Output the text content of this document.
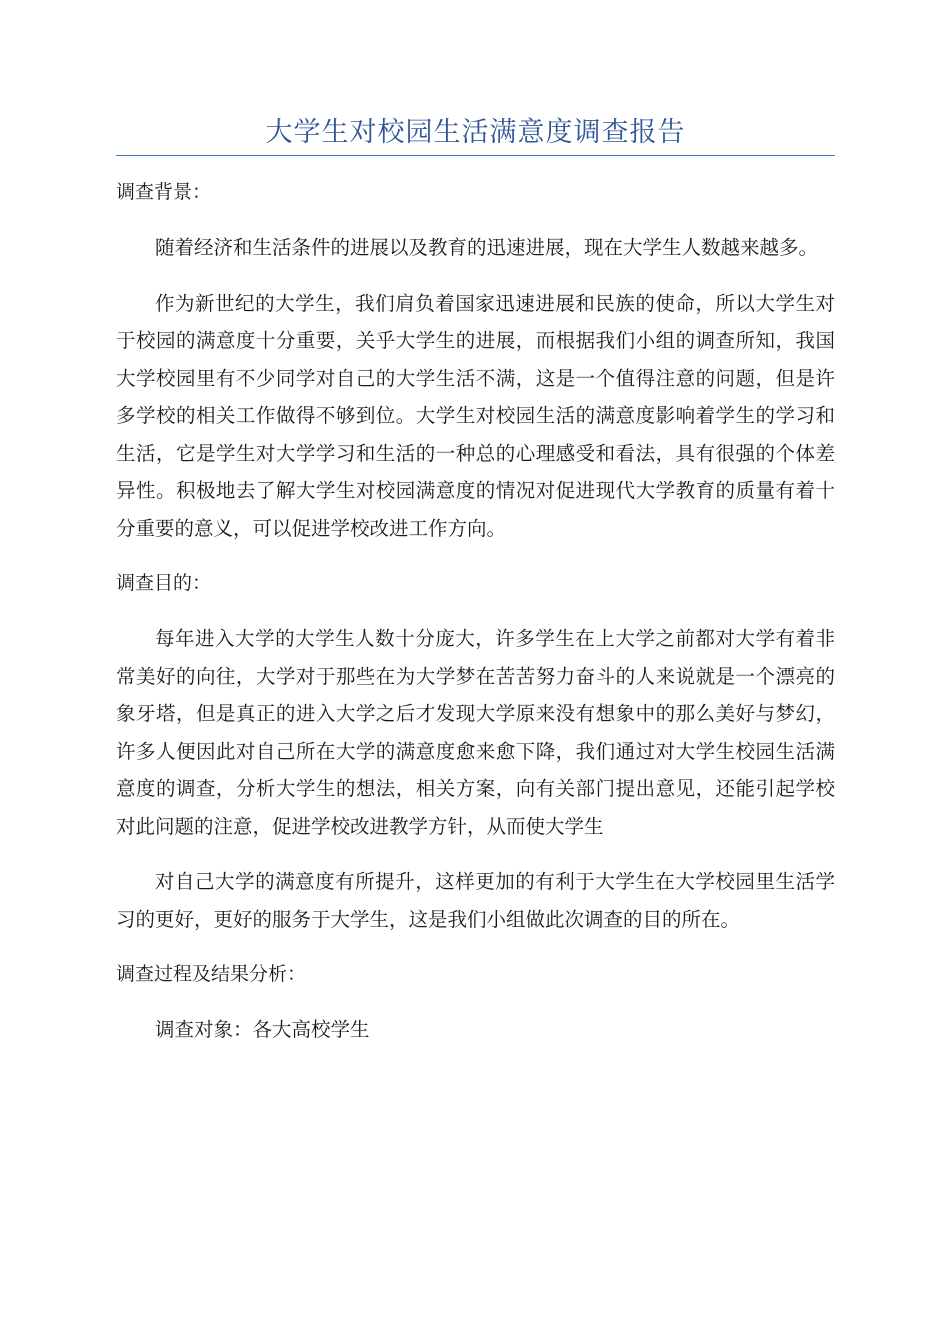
大学生对校园生活满意度调查报告
调查背景：

随着经济和生活条件的进展以及教育的迅速进展，现在大学生人数越来越多。

作为新世纪的大学生，我们肩负着国家迅速进展和民族的使命，所以大学生对于校园的满意度十分重要，关乎大学生的进展，而根据我们小组的调查所知，我国大学校园里有不少同学对自己的大学生活不满，这是一个值得注意的问题，但是许多学校的相关工作做得不够到位。大学生对校园生活的满意度影响着学生的学习和生活，它是学生对大学学习和生活的一种总的心理感受和看法，具有很强的个体差异性。积极地去了解大学生对校园满意度的情况对促进现代大学教育的质量有着十分重要的意义，可以促进学校改进工作方向。

调查目的：

每年进入大学的大学生人数十分庞大，许多学生在上大学之前都对大学有着非常美好的向往，大学对于那些在为大学梦在苦苦努力奋斗的人来说就是一个漂亮的象牙塔，但是真正的进入大学之后才发现大学原来没有想象中的那么美好与梦幻，许多人便因此对自己所在大学的满意度愈来愈下降，我们通过对大学生校园生活满意度的调查，分析大学生的想法，相关方案，向有关部门提出意见，还能引起学校对此问题的注意，促进学校改进教学方针，从而使大学生

对自己大学的满意度有所提升，这样更加的有利于大学生在大学校园里生活学习的更好，更好的服务于大学生，这是我们小组做此次调查的目的所在。

调查过程及结果分析：

调查对象：各大高校学生
